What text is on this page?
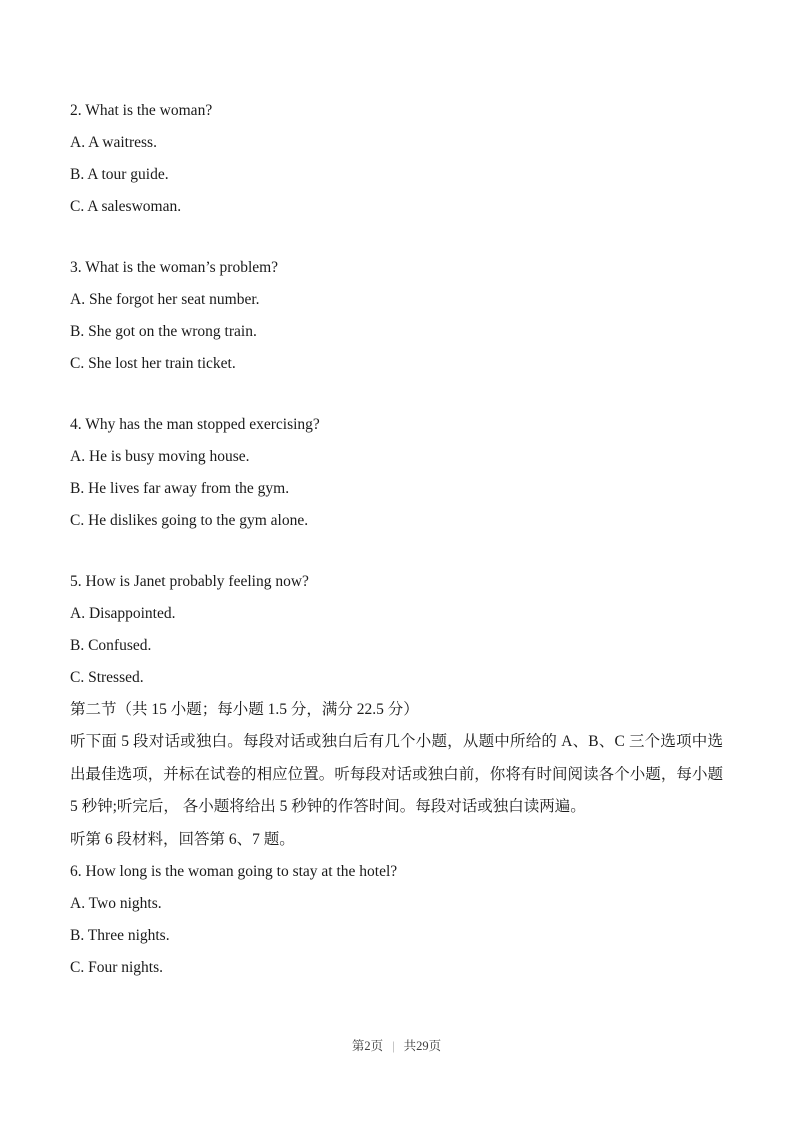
2. What is the woman?
A. A waitress.
B. A tour guide.
C. A saleswoman.
3. What is the woman’s problem?
A. She forgot her seat number.
B. She got on the wrong train.
C. She lost her train ticket.
4. Why has the man stopped exercising?
A. He is busy moving house.
B. He lives far away from the gym.
C. He dislikes going to the gym alone.
5. How is Janet probably feeling now?
A. Disappointed.
B. Confused.
C. Stressed.
第二节（共 15 小题；每小题 1.5 分，满分 22.5 分）
听下面 5 段对话或独白。每段对话或独白后有几个小题，从题中所给的 A、B、C 三个选项中选出最佳选项，并标在试卷的相应位置。听每段对话或独白前，你将有时间阅读各个小题，每小题 5 秒钟;听完后， 各小题将给出 5 秒钟的作答时间。每段对话或独白读两遍。
听第 6 段材料，回答第 6、7 题。
6. How long is the woman going to stay at the hotel?
A. Two nights.
B. Three nights.
C. Four nights.
第2页 | 共29页
